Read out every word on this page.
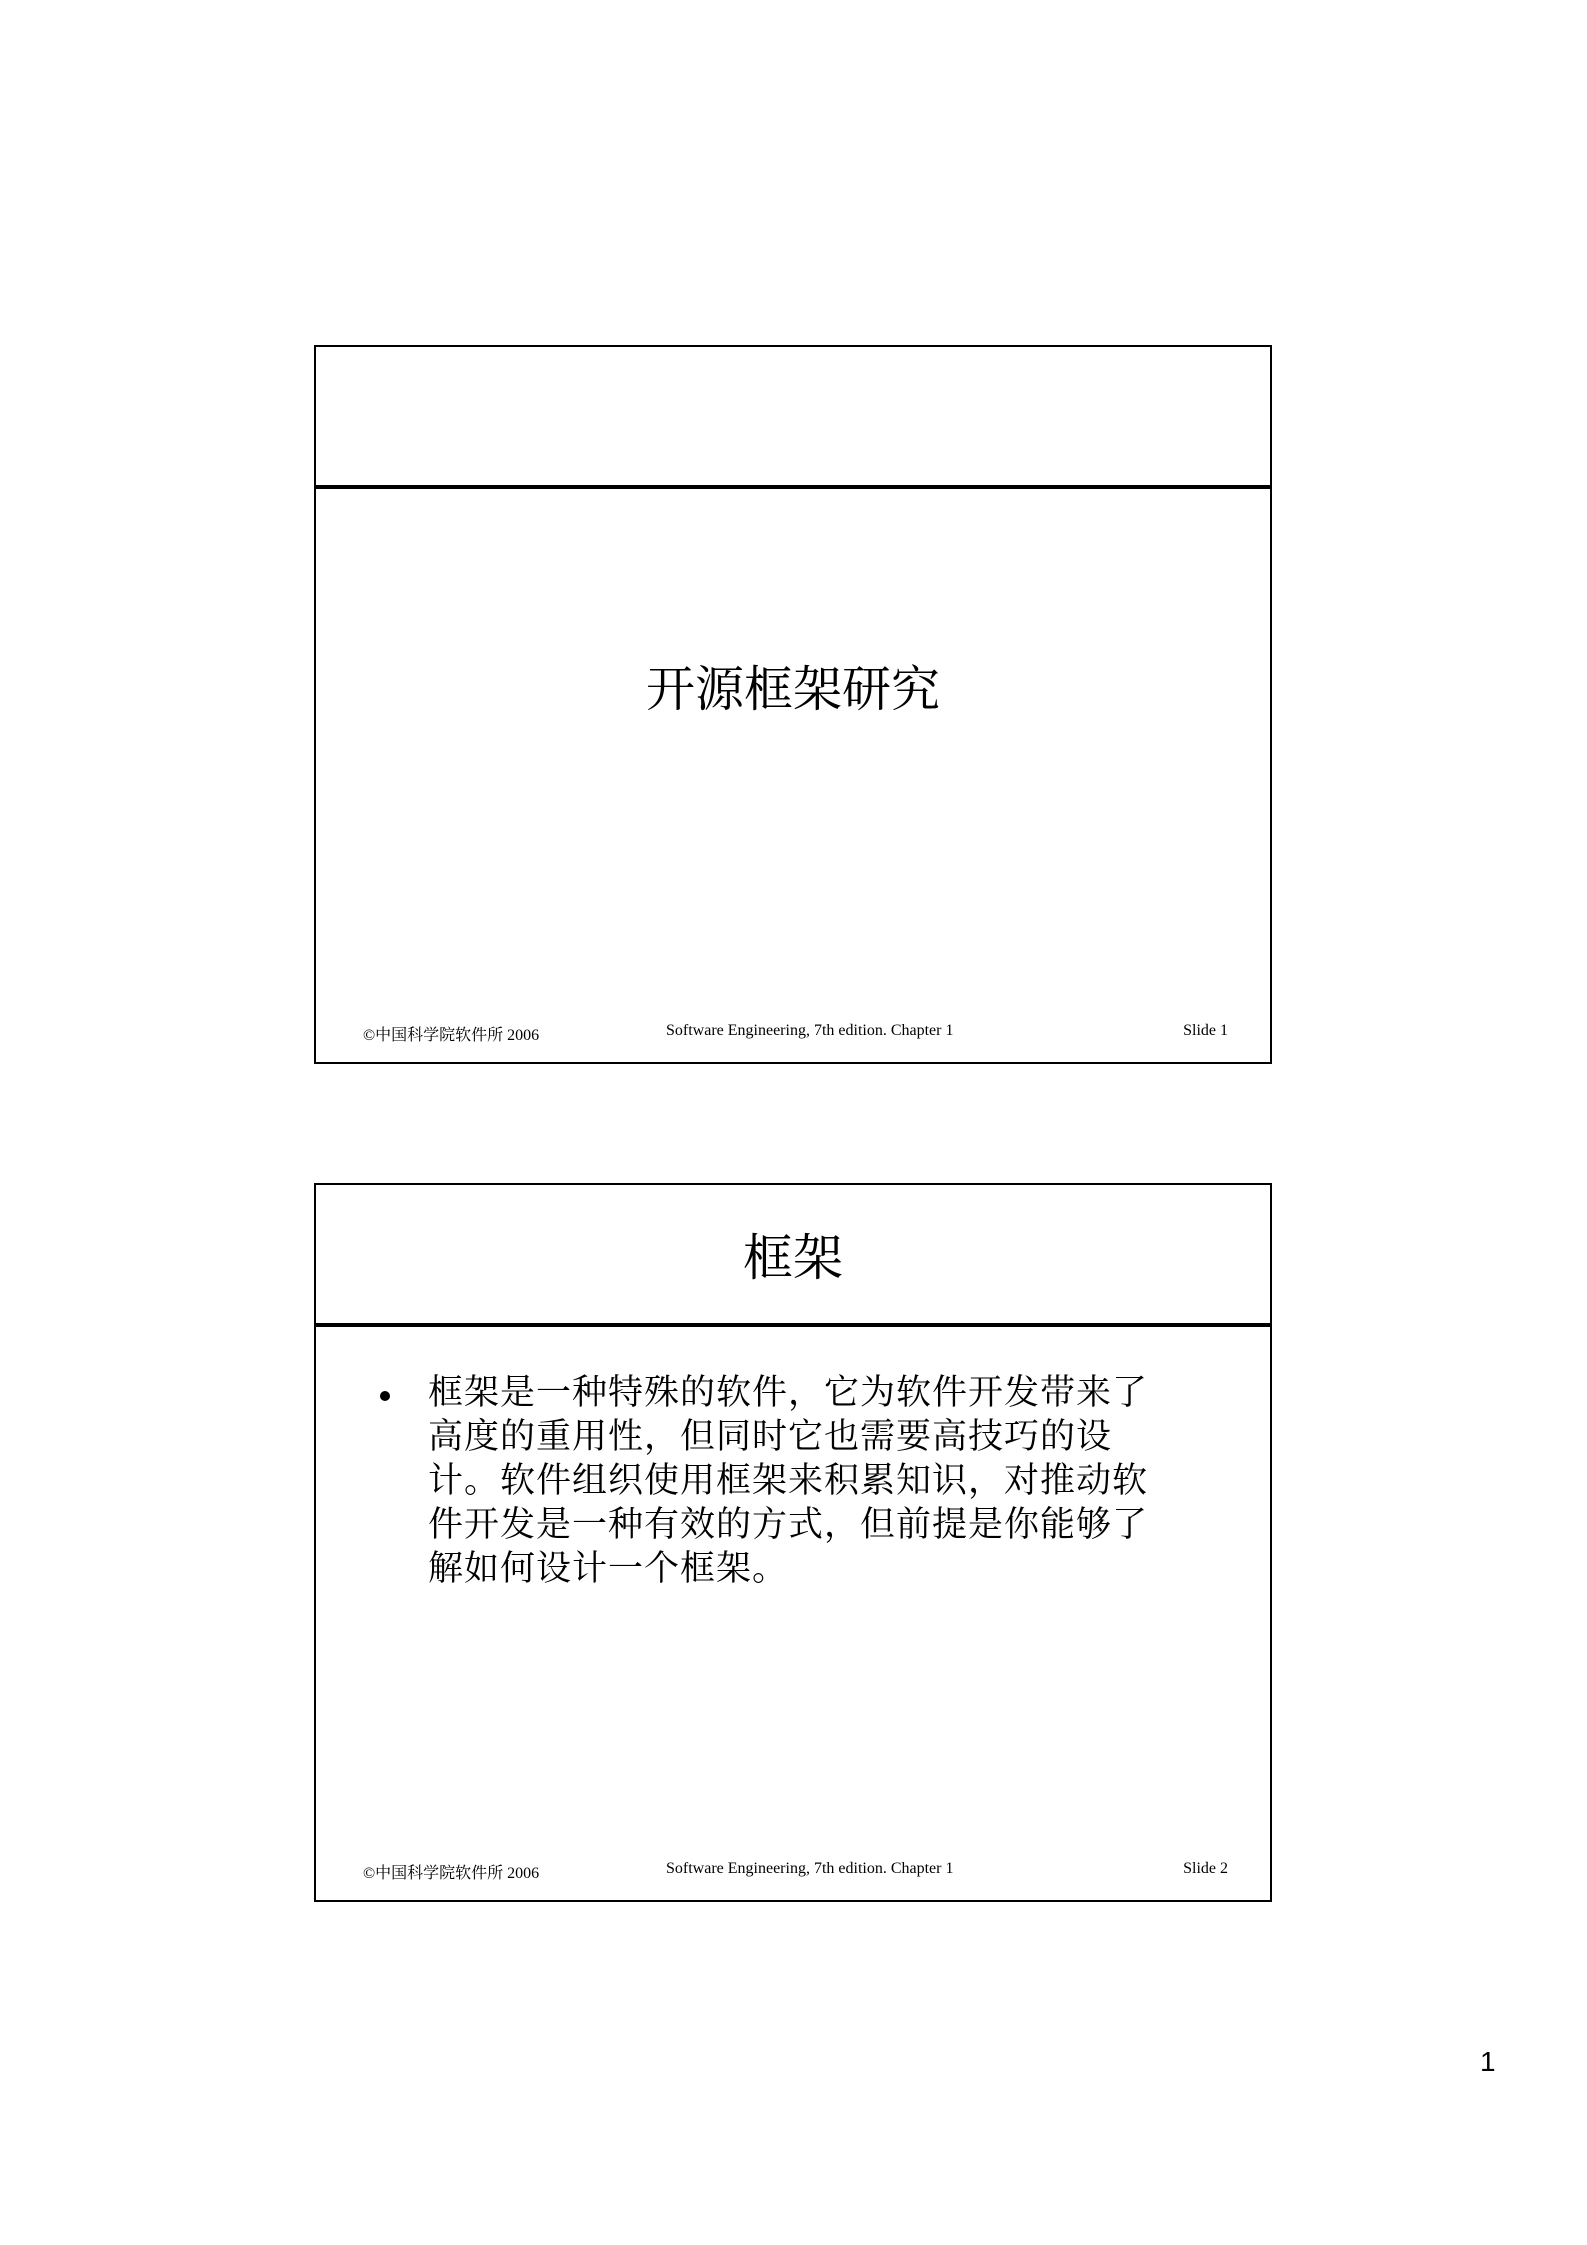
开源框架研究
©中国科学院软件所 2006	Software Engineering, 7th edition. Chapter 1	Slide 1
框架
框架是一种特殊的软件，它为软件开发带来了高度的重用性，但同时它也需要高技巧的设计。软件组织使用框架来积累知识，对推动软件开发是一种有效的方式，但前提是你能够了解如何设计一个框架。
©中国科学院软件所 2006	Software Engineering, 7th edition. Chapter 1	Slide 2
1
